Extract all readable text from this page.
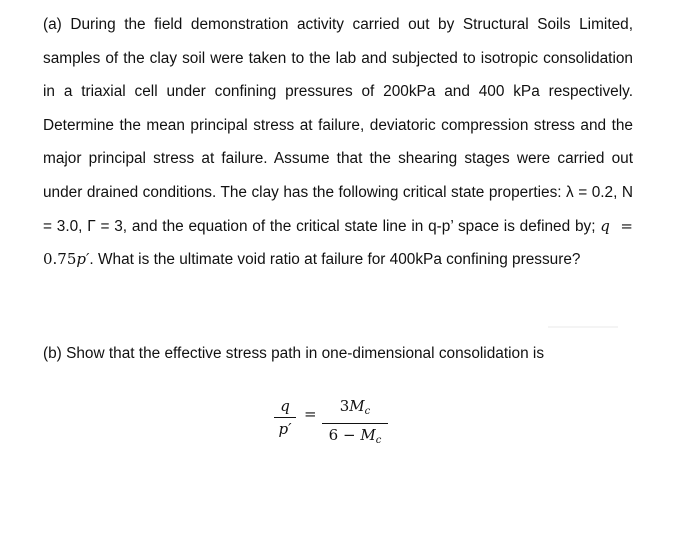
(a) During the field demonstration activity carried out by Structural Soils Limited, samples of the clay soil were taken to the lab and subjected to isotropic consolidation in a triaxial cell under confining pressures of 200kPa and 400 kPa respectively. Determine the mean principal stress at failure, deviatoric compression stress and the major principal stress at failure. Assume that the shearing stages were carried out under drained conditions. The clay has the following critical state properties: λ = 0.2, N = 3.0, Γ = 3, and the equation of the critical state line in q-p’ space is defined by; q = 0.75p′. What is the ultimate void ratio at failure for 400kPa confining pressure?

(b) Show that the effective stress path in one-dimensional consolidation is

q
p′
= $3M_c$
$6 - M_c$
